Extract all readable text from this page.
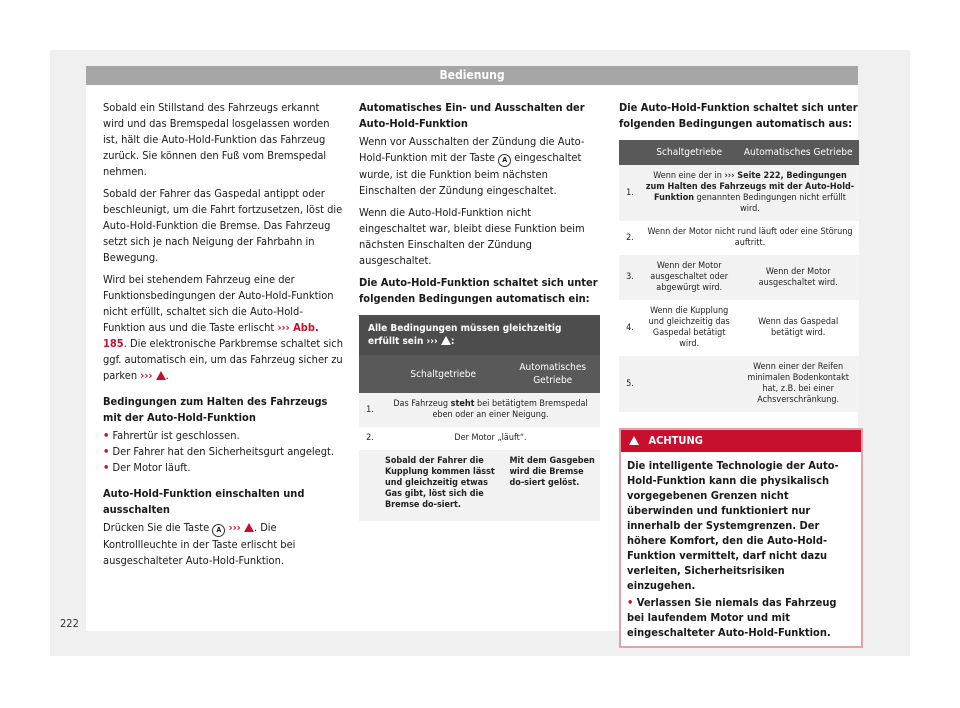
Bedienung

Sobald ein Stillstand des Fahrzeugs erkannt wird und das Bremspedal losgelassen worden ist, hält die Auto-Hold-Funktion das Fahrzeug zurück. Sie können den Fuß vom Bremspedal nehmen.

Sobald der Fahrer das Gaspedal antippt oder beschleunigt, um die Fahrt fortzusetzen, löst die Auto-Hold-Funktion die Bremse. Das Fahrzeug setzt sich je nach Neigung der Fahrbahn in Bewegung.

Wird bei stehendem Fahrzeug eine der Funktionsbedingungen der Auto-Hold-Funktion nicht erfüllt, schaltet sich die Auto-Hold-Funktion aus und die Taste erlischt ››› Abb. 185. Die elektronische Parkbremse schaltet sich ggf. automatisch ein, um das Fahrzeug sicher zu parken ››› .

Bedingungen zum Halten des Fahrzeugs mit der Auto-Hold-Funktion

• Fahrertür ist geschlossen.

• Der Fahrer hat den Sicherheitsgurt angelegt.

• Der Motor läuft.

Auto-Hold-Funktion einschalten und ausschalten

Drücken Sie die Taste A ››› . Die Kontrollleuchte in der Taste erlischt bei ausgeschalteter Auto-Hold-Funktion.

Automatisches Ein- und Ausschalten der Auto-Hold-Funktion

Wenn vor Ausschalten der Zündung die Auto-Hold-Funktion mit der Taste A eingeschaltet wurde, ist die Funktion beim nächsten Einschalten der Zündung eingeschaltet.

Wenn die Auto-Hold-Funktion nicht eingeschaltet war, bleibt diese Funktion beim nächsten Einschalten der Zündung ausgeschaltet.

Die Auto-Hold-Funktion schaltet sich unter folgenden Bedingungen automatisch ein:

Alle Bedingungen müssen gleichzeitig erfüllt sein ››› :
	Schaltgetriebe	Automatisches Getriebe
1.	Das Fahrzeug steht bei betätigtem Bremspedal eben oder an einer Neigung.	
2.	Der Motor „läuft“.	
	Sobald der Fahrer die Kupplung kommen lässt und gleichzeitig etwas Gas gibt, löst sich die Bremse do-siert.	Mit dem Gasgeben wird die Bremse do-siert gelöst.

Die Auto-Hold-Funktion schaltet sich unter folgenden Bedingungen automatisch aus:

	Schaltgetriebe	Automatisches Getriebe
1.	Wenn eine der in ››› Seite 222, Bedingungen zum Halten des Fahrzeugs mit der Auto-Hold-Funktion genannten Bedingungen nicht erfüllt wird.	
2.	Wenn der Motor nicht rund läuft oder eine Störung auftritt.	
3.	Wenn der Motor ausgeschaltet oder abgewürgt wird.	Wenn der Motor ausgeschaltet wird.
4.	Wenn die Kupplung und gleichzeitig das Gaspedal betätigt wird.	Wenn das Gaspedal betätigt wird.
5.		Wenn einer der Reifen minimalen Bodenkontakt hat, z.B. bei einer Achsverschränkung.
ACHTUNG
Die intelligente Technologie der Auto-Hold-Funktion kann die physikalisch vorgegebenen Grenzen nicht überwinden und funktioniert nur innerhalb der Systemgrenzen. Der höhere Komfort, den die Auto-Hold-Funktion vermittelt, darf nicht dazu verleiten, Sicherheitsrisiken einzugehen.
• Verlassen Sie niemals das Fahrzeug bei laufendem Motor und mit eingeschalteter Auto-Hold-Funktion.
222
